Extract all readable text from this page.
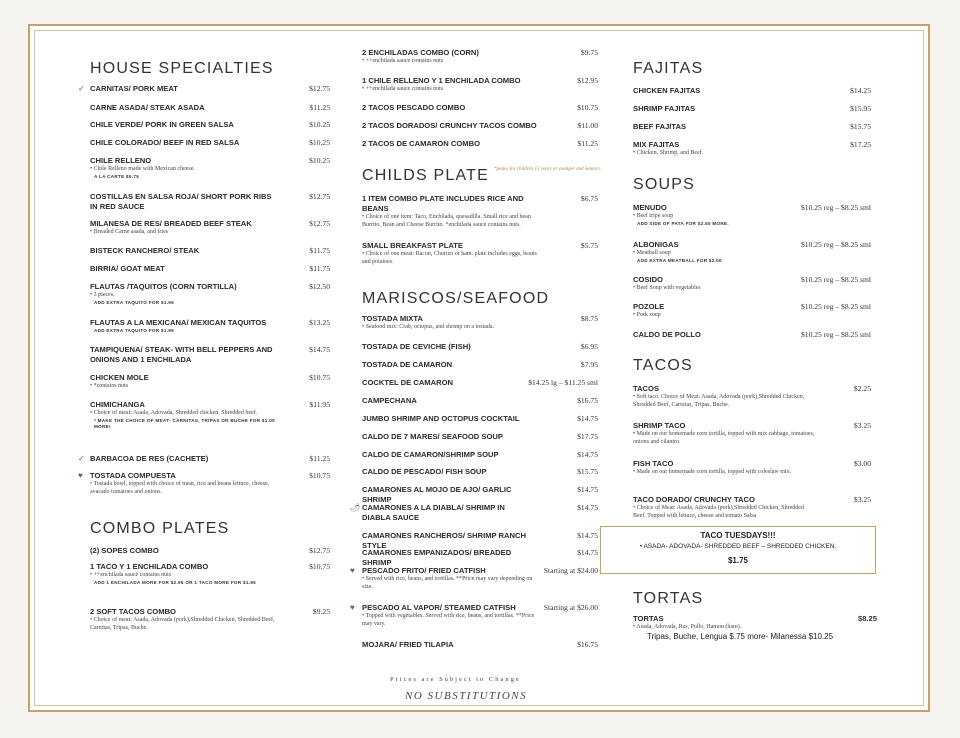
HOUSE SPECIALTIES
✓ CARNITAS/ PORK MEAT	$12.75
CARNE ASADA/ STEAK ASADA	$11.25
CHILE VERDE/ PORK IN GREEN SALSA	$10.25
CHILE COLORADO/ BEEF IN RED SALSA	$10.25
CHILE RELLENO	$10.25
• Chile Relleno made with Mexican cheese.
A LA CARTE $5.75
COSTILLAS EN SALSA ROJA/ SHORT PORK RIBS IN RED SAUCE
$12.75
MILANESA DE RES/ BREADED BEEF STEAK	$12.75
• Breaded Carne asada, and fries
BISTECK RANCHERO/ STEAK	$11.75
BIRRIA/ GOAT MEAT	$11.75
FLAUTAS /TAQUITOS (CORN TORTILLA)	$12.50
• 3 pieces.
ADD EXTRA TAQUITO FOR $1.95
FLAUTAS A LA MEXICANA/ MEXICAN TAQUITOS	$13.25
ADD EXTRA TAQUITO FOR $1.95
TAMPIQUENA/ STEAK- WITH BELL PEPPERS AND ONIONS AND 1 ENCHILADA
$14.75
CHICKEN MOLE	$10.75
• *contains nuts
CHIMICHANGA	$11.95
• Choice of meat: Asada, Adovada, Shredded chicken, Shredded beef.
* MAKE THE CHOICE OF MEAT- CARNITAS, TRIPAS OR BUCHE FOR $1.00 MORE!
✓ BARBACOA DE RES (CACHETE)	$11.25
♥ TOSTADA COMPUESTA	$10.75
• Tostada bowl, topped with choice of meat, rice and beans lettuce, cheese, avacado tomatoes and onions.
COMBO PLATES
(2) SOPES COMBO	$12.75
1 TACO Y 1 ENCHILADA COMBO	$10.75
• ++enchilada sauce contains nuts
ADD 1 ENCHILADA MORE FOR $2.95 OR 1 TACO MORE FOR $1.95
2 SOFT TACOS COMBO	$9.25
• Choice of meat: Asada, Adovada (pork),Shredded Chicken, Shredded Beef, Carnitas, Tripas, Buche.
2 ENCHILADAS COMBO (CORN)	$9.75
• ++enchilada sauce contains nuts
1 CHILE RELLENO Y 1 ENCHILADA COMBO	$12.95
• ++enchilada sauce contains nuts
2 TACOS PESCADO COMBO	$10.75
2 TACOS DORADOS/ CRUNCHY TACOS COMBO	$11.00
2 TACOS DE CAMARON COMBO	$11.25
CHILDS PLATE *plates for children 12 years or younger and Seniors.
1 ITEM COMBO PLATE INCLUDES RICE AND BEANS
$6.75
• Choice of one item: Taco, Enchilada, quesadilla. Small rice and bean Burrito, Bean and Cheese Burrito. *enchilada sauce contains nuts.
SMALL BREAKFAST PLATE	$5.75
• Choice of one meat: Bacon, Chorizo or ham. plate includes eggs, beans and potatoes.
MARISCOS/SEAFOOD
TOSTADA MIXTA	$8.75
• Seafood mix: Crab, octopus, and shrimp on a tostada.
TOSTADA DE CEVICHE (FISH)	$6.95
TOSTADA DE CAMARON	$7.95
COCKTEL DE CAMARON	$14.25 lg – $11.25 sml
CAMPECHANA	$16.75
JUMBO SHRIMP AND OCTOPUS COCKTAIL	$14.75
CALDO DE 7 MARES/ SEAFOOD SOUP	$17.75
CALDO DE CAMARON/SHRIMP SOUP	$14.75
CALDO DE PESCADO/ FISH SOUP	$15.75
CAMARONES AL MOJO DE AJO/ GARLIC SHRIMP
$14.75
🌶 CAMARONES A LA DIABLA/ SHRIMP IN DIABLA SAUCE
$14.75
CAMARONES RANCHEROS/ SHRIMP RANCH STYLE
$14.75
CAMARONES EMPANIZADOS/ BREADED SHRIMP
$14.75
♥ PESCADO FRITO/ FRIED CATFISH	Starting at $24.00
• Served with rice, beans, and tortillas. **Price may vary depending on size.
♥ PESCADO AL VAPOR/ STEAMED CATFISH	Starting at $26.00
• Topped with vegetables. Served with rice, beans, and tortillas. **Price may vary.
MOJARA/ FRIED TILAPIA	$16.75
FAJITAS
CHICKEN FAJITAS	$14.25
SHRIMP FAJITAS	$15.95
BEEF FAJITAS	$15.75
MIX FAJITAS	$17.25
• Chicken, Shrimp, and Beef.
SOUPS
MENUDO	$10.25 reg – $8.25 sml
• Beef tripe soup
ADD SIDE OF PATA FOR $2.50 MORE.
ALBONIGAS	$10.25 reg – $8.25 sml
• Meatball soup
ADD EXTRA MEATBALL FOR $2.00
COSIDO	$10.25 reg – $8.25 sml
• Beef Soup with vegetables
POZOLE	$10.25 reg – $8.25 sml
• Pork soup
CALDO DE POLLO	$10.25 reg – $8.25 sml
TACOS
TACOS	$2.25
• Soft taco. Choice of Meat: Asada, Adovada (pork),Shredded Chicken, Shredded Beef, Carnitas, Tripas, Buche.
SHRIMP TACO	$3.25
• Made on our homemade corn tortilla, topped with mix cabbage, tomatoes, onions and cilantro.
FISH TACO	$3.00
• Made on our homemade corn tortilla, topped with coleslaw mix.
TACO DORADO/ CRUNCHY TACO	$3.25
• Choice of Meat: Asada, Adovada (pork),Shredded Chicken, Shredded Beef. Topped with lettuce, cheese and tomato Salsa
TORTAS
TORTAS	$8.25
• Asada, Adovada, Res, Pollo, Hamon (ham).
Tripas, Buche, Lengua $.75 more- Milanessa $10.25
TACO TUESDAYS!!!
• ASADA- ADOVADA- SHREDDED BEEF – SHREDDED CHICKEN.
$1.75
Prices are Subject to Change
NO SUBSTITUTIONS
